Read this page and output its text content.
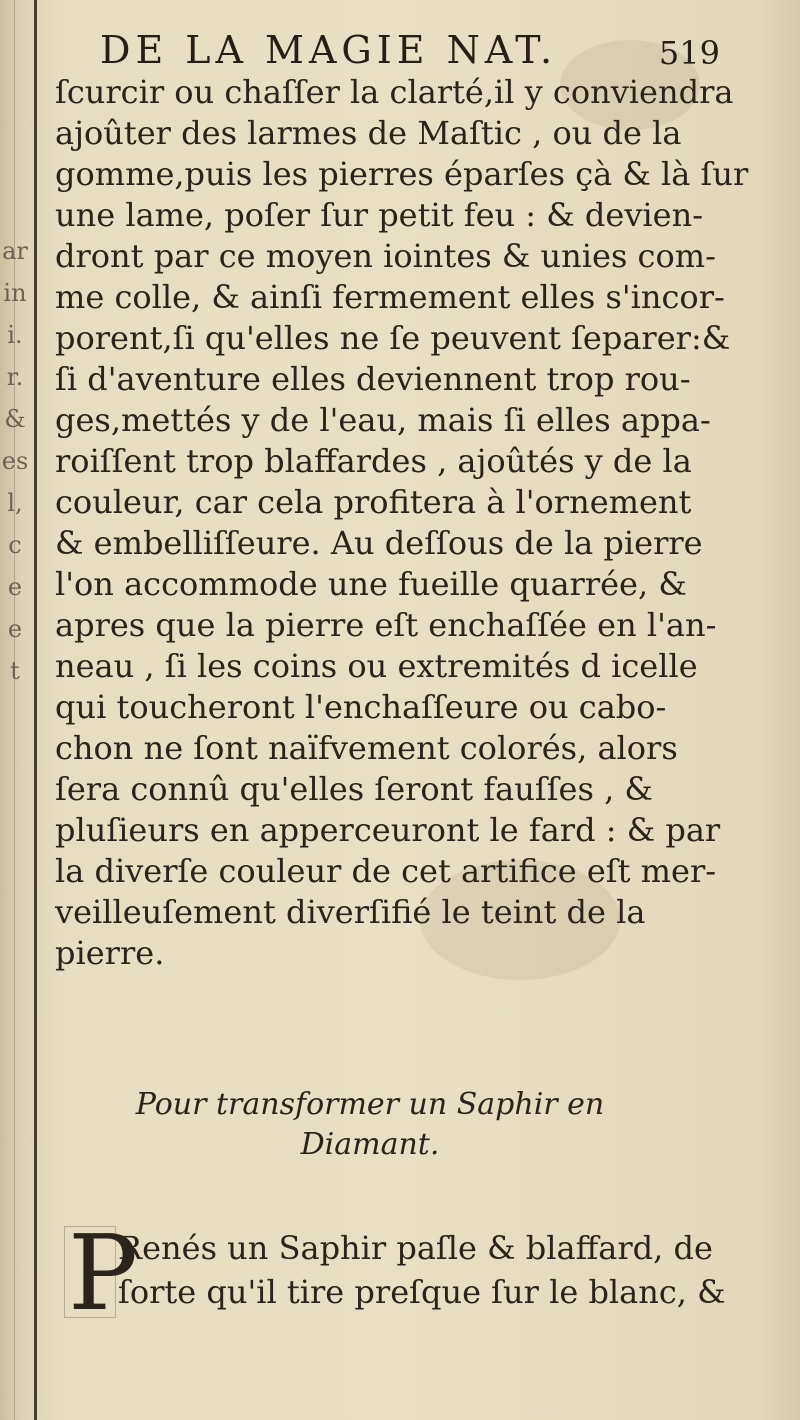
ar
in
i.
r.
&
es
l,
c
e
e
t
DE LA MAGIE NAT.	519
ſcurcir ou chaſſer la clarté,il y conviendra
ajoûter des larmes de Maſtic , ou de la
gomme,puis les pierres éparſes çà & là ſur
une lame, poſer ſur petit feu : & devien-
dront par ce moyen iointes & unies com-
me colle, & ainſi fermement elles s'incor-
porent,ſi qu'elles ne ſe peuvent ſeparer:&
ſi d'aventure elles deviennent trop rou-
ges,mettés y de l'eau, mais ſi elles appa-
roiſſent trop blaffardes , ajoûtés y de la
couleur, car cela profitera à l'ornement
& embelliſſeure. Au deſſous de la pierre
l'on accommode une fueille quarrée, &
apres que la pierre eſt enchaſſée en l'an-
neau , ſi les coins ou extremités d icelle
qui toucheront l'enchaſſeure ou cabo-
chon ne ſont naïfvement colorés, alors
ſera connû qu'elles ſeront fauſſes , &
pluſieurs en apperceuront le fard : & par
la diverſe couleur de cet artifice eſt mer-
veilleuſement diverſifié le teint de la
pierre.
Pour transformer un Saphir en
Diamant.
P
Renés un Saphir paſle & blaffard, de
ſorte qu'il tire preſque ſur le blanc, &
